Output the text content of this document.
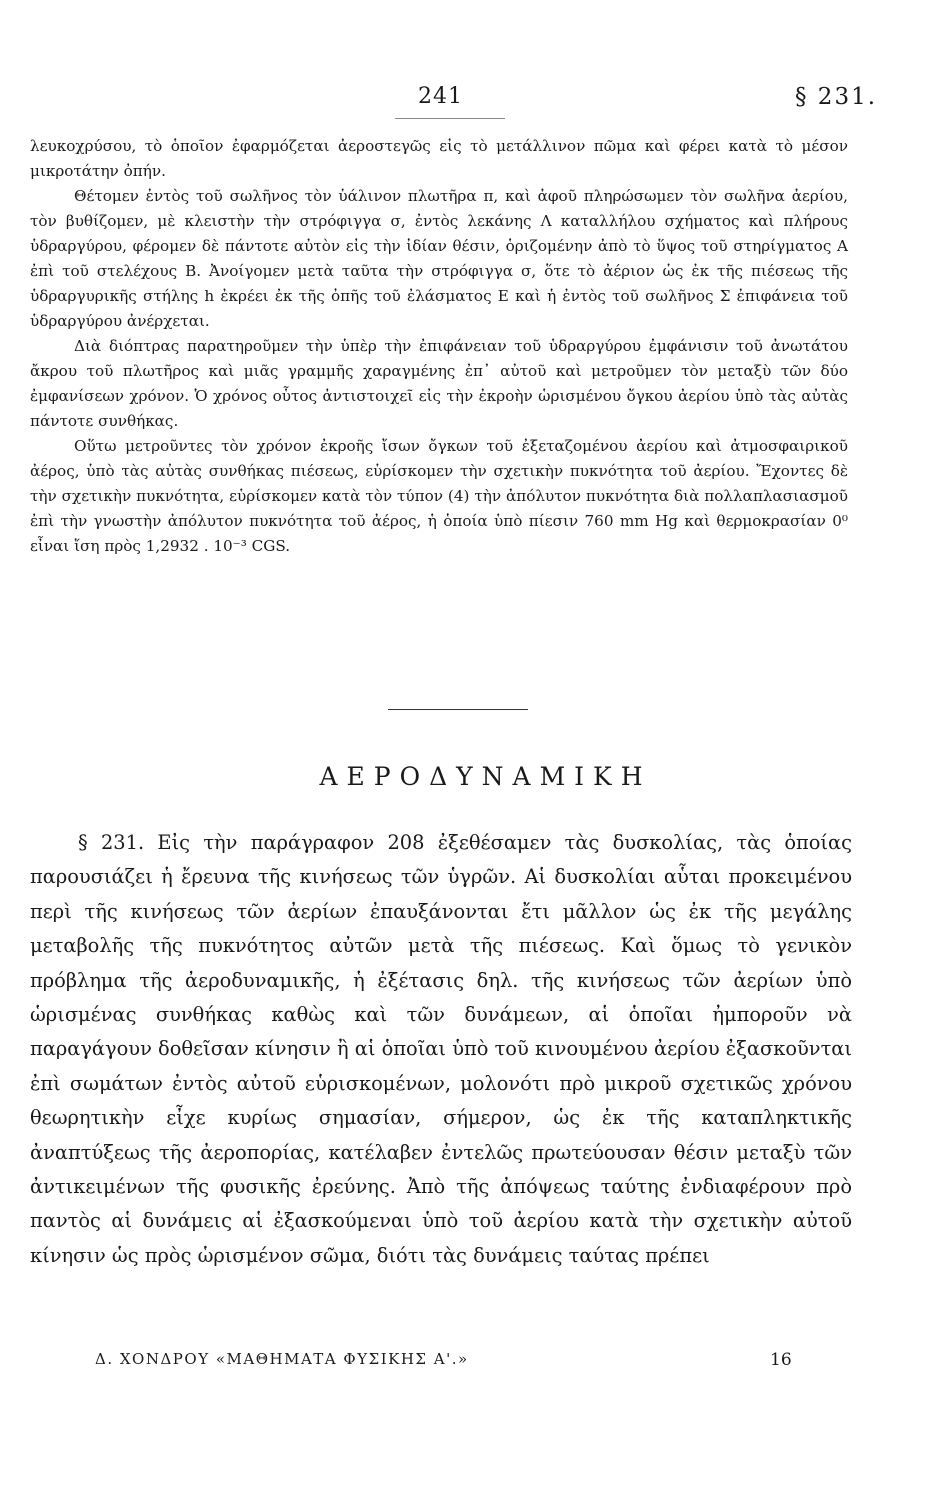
241	§ 231.

λευκοχρύσου, τὸ ὁποῖον ἐφαρμόζεται ἀεροστεγῶς εἰς τὸ μετάλλινον πῶμα καὶ φέρει κατὰ τὸ μέσον μικροτάτην ὀπήν.

Θέτομεν ἐντὸς τοῦ σωλῆνος τὸν ὑάλινον πλωτῆρα π, καὶ ἀφοῦ πληρώσωμεν τὸν σωλῆνα ἀερίου, τὸν βυθίζομεν, μὲ κλειστὴν τὴν στρόφιγγα σ, ἐντὸς λεκάνης Λ καταλλήλου σχήματος καὶ πλήρους ὑδραργύρου, φέρομεν δὲ πάντοτε αὐτὸν εἰς τὴν ἰδίαν θέσιν, ὁριζομένην ἀπὸ τὸ ὕψος τοῦ στηρίγματος Α ἐπὶ τοῦ στελέχους Β. Ἀνοίγομεν μετὰ ταῦτα τὴν στρόφιγγα σ, ὅτε τὸ ἀέριον ὡς ἐκ τῆς πιέσεως τῆς ὑδραργυρικῆς στήλης h ἐκρέει ἐκ τῆς ὀπῆς τοῦ ἐλάσματος Ε καὶ ἡ ἐντὸς τοῦ σωλῆνος Σ ἐπιφάνεια τοῦ ὑδραργύρου ἀνέρχεται.

Διὰ διόπτρας παρατηροῦμεν τὴν ὑπὲρ τὴν ἐπιφάνειαν τοῦ ὑδραργύρου ἐμφάνισιν τοῦ ἀνωτάτου ἄκρου τοῦ πλωτῆρος καὶ μιᾶς γραμμῆς χαραγμένης ἐπ᾽ αὐτοῦ καὶ μετροῦμεν τὸν μεταξὺ τῶν δύο ἐμφανίσεων χρόνον. Ὁ χρόνος οὗτος ἀντιστοιχεῖ εἰς τὴν ἐκροὴν ὡρισμένου ὄγκου ἀερίου ὑπὸ τὰς αὐτὰς πάντοτε συνθήκας.

Οὕτω μετροῦντες τὸν χρόνον ἐκροῆς ἴσων ὄγκων τοῦ ἐξεταζομένου ἀερίου καὶ ἀτμοσφαιρικοῦ ἀέρος, ὑπὸ τὰς αὐτὰς συνθήκας πιέσεως, εὑρίσκομεν τὴν σχετικὴν πυκνότητα τοῦ ἀερίου. Ἔχοντες δὲ τὴν σχετικὴν πυκνότητα, εὑρίσκομεν κατὰ τὸν τύπον (4) τὴν ἀπόλυτον πυκνότητα διὰ πολλαπλασιασμοῦ ἐπὶ τὴν γνωστὴν ἀπόλυτον πυκνότητα τοῦ ἀέρος, ἡ ὁποία ὑπὸ πίεσιν 760 mm Hg καὶ θερμοκρασίαν 0⁰ εἶναι ἴση πρὸς 1,2932 . 10⁻³ CGS.

ΑΕΡΟΔΥΝΑΜΙΚΗ

§ 231. Εἰς τὴν παράγραφον 208 ἐξεθέσαμεν τὰς δυσκολίας, τὰς ὁποίας παρουσιάζει ἡ ἔρευνα τῆς κινήσεως τῶν ὑγρῶν. Αἱ δυσκολίαι αὗται προκειμένου περὶ τῆς κινήσεως τῶν ἀερίων ἐπαυξάνονται ἔτι μᾶλλον ὡς ἐκ τῆς μεγάλης μεταβολῆς τῆς πυκνότητος αὐτῶν μετὰ τῆς πιέσεως. Καὶ ὅμως τὸ γενικὸν πρόβλημα τῆς ἀεροδυναμικῆς, ἡ ἐξέτασις δηλ. τῆς κινήσεως τῶν ἀερίων ὑπὸ ὡρισμένας συνθήκας καθὼς καὶ τῶν δυνάμεων, αἱ ὁποῖαι ἠμποροῦν νὰ παραγάγουν δοθεῖσαν κίνησιν ἢ αἱ ὁποῖαι ὑπὸ τοῦ κινουμένου ἀερίου ἐξασκοῦνται ἐπὶ σωμάτων ἐντὸς αὐτοῦ εὑρισκομένων, μολονότι πρὸ μικροῦ σχετικῶς χρόνου θεωρητικὴν εἶχε κυρίως σημασίαν, σήμερον, ὡς ἐκ τῆς καταπληκτικῆς ἀναπτύξεως τῆς ἀεροπορίας, κατέλαβεν ἐντελῶς πρωτεύουσαν θέσιν μεταξὺ τῶν ἀντικειμένων τῆς φυσικῆς ἐρεύνης. Ἀπὸ τῆς ἀπόψεως ταύτης ἐνδιαφέρουν πρὸ παντὸς αἱ δυνάμεις αἱ ἐξασκούμεναι ὑπὸ τοῦ ἀερίου κατὰ τὴν σχετικὴν αὐτοῦ κίνησιν ὡς πρὸς ὡρισμένον σῶμα, διότι τὰς δυνάμεις ταύτας πρέπει

Δ. ΧΟΝΔΡΟΥ «ΜΑΘΗΜΑΤΑ ΦΥΣΙΚΗΣ Α'.»	16
